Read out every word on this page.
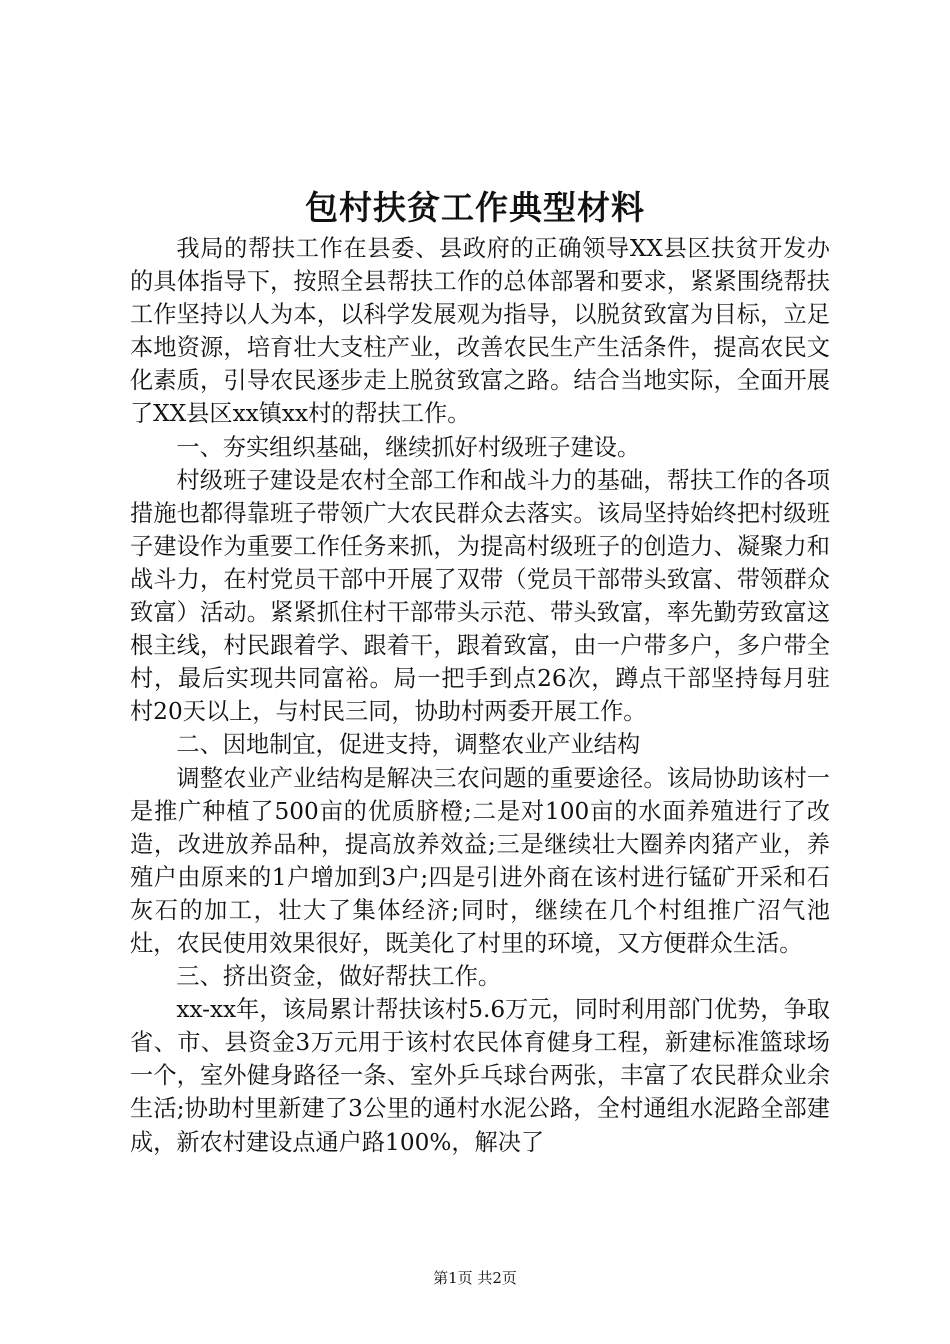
包村扶贫工作典型材料

我局的帮扶工作在县委、县政府的正确领导XX县区扶贫开发办的具体指导下，按照全县帮扶工作的总体部署和要求，紧紧围绕帮扶工作坚持以人为本，以科学发展观为指导，以脱贫致富为目标，立足本地资源，培育壮大支柱产业，改善农民生产生活条件，提高农民文化素质，引导农民逐步走上脱贫致富之路。结合当地实际，全面开展了XX县区xx镇xx村的帮扶工作。

一、夯实组织基础，继续抓好村级班子建设。

村级班子建设是农村全部工作和战斗力的基础，帮扶工作的各项措施也都得靠班子带领广大农民群众去落实。该局坚持始终把村级班子建设作为重要工作任务来抓，为提高村级班子的创造力、凝聚力和战斗力，在村党员干部中开展了双带（党员干部带头致富、带领群众致富）活动。紧紧抓住村干部带头示范、带头致富，率先勤劳致富这根主线，村民跟着学、跟着干，跟着致富，由一户带多户，多户带全村，最后实现共同富裕。局一把手到点26次，蹲点干部坚持每月驻村20天以上，与村民三同，协助村两委开展工作。

二、因地制宜，促进支持，调整农业产业结构

调整农业产业结构是解决三农问题的重要途径。该局协助该村一是推广种植了500亩的优质脐橙;二是对100亩的水面养殖进行了改造，改进放养品种，提高放养效益;三是继续壮大圈养肉猪产业，养殖户由原来的1户增加到3户;四是引进外商在该村进行锰矿开采和石灰石的加工，壮大了集体经济;同时，继续在几个村组推广沼气池灶，农民使用效果很好，既美化了村里的环境，又方便群众生活。

三、挤出资金，做好帮扶工作。

xx-xx年，该局累计帮扶该村5.6万元，同时利用部门优势，争取省、市、县资金3万元用于该村农民体育健身工程，新建标准篮球场一个，室外健身路径一条、室外乒乓球台两张，丰富了农民群众业余生活;协助村里新建了3公里的通村水泥公路，全村通组水泥路全部建成，新农村建设点通户路100%，解决了

第1页 共2页
